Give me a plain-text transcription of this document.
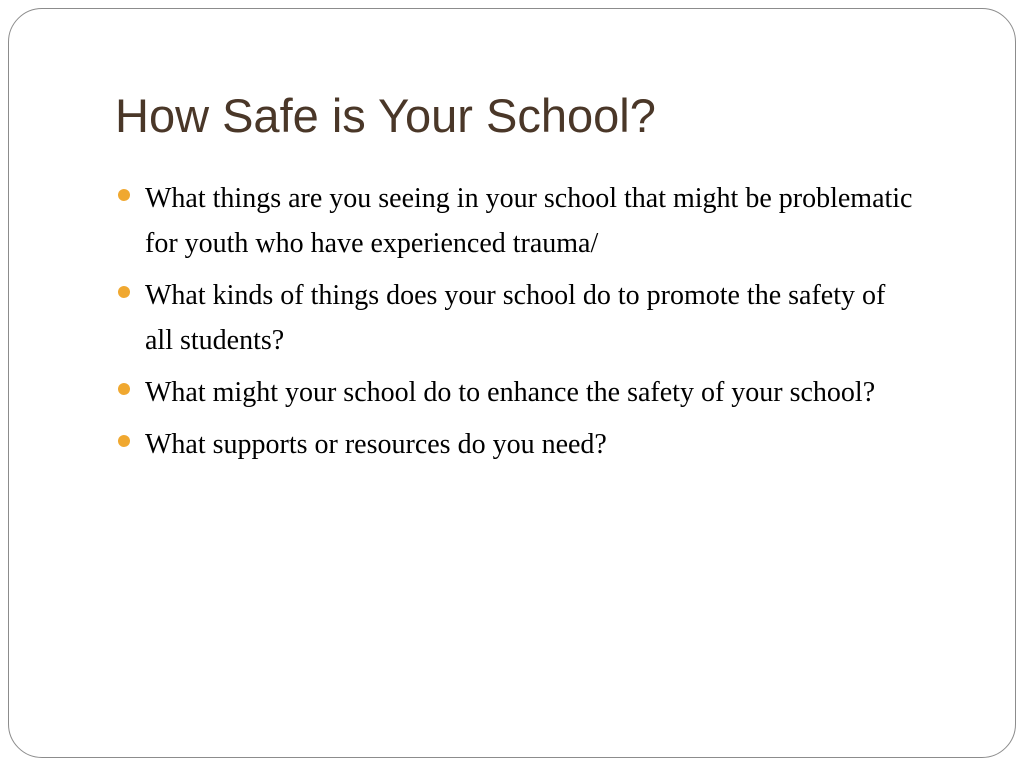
How Safe is Your School?
What things are you seeing in your school that might be problematic for youth who have experienced trauma/
What kinds of things does your school do to promote the safety of all students?
What might your school do to enhance the safety of your school?
What supports or resources do you need?
